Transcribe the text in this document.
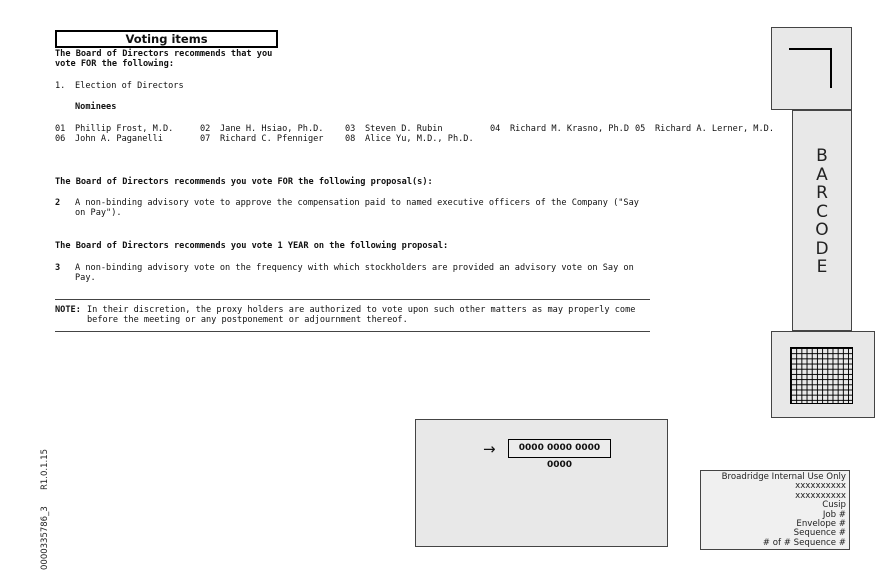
Voting items
The Board of Directors recommends that you
vote FOR the following:
1. Election of Directors
Nominees
01 Phillip Frost, M.D.	02 Jane H. Hsiao, Ph.D.	03 Steven D. Rubin	04 Richard M. Krasno, Ph.D 05 Richard A. Lerner, M.D.
06 John A. Paganelli	07 Richard C. Pfenniger	08 Alice Yu, M.D., Ph.D.
The Board of Directors recommends you vote FOR the following proposal(s):
2 A non-binding advisory vote to approve the compensation paid to named executive officers of the Company ("Say
on Pay").
The Board of Directors recommends you vote 1 YEAR on the following proposal:
3 A non-binding advisory vote on the frequency with which stockholders are provided an advisory vote on Say on
Pay.
NOTE: In their discretion, the proxy holders are authorized to vote upon such other matters as may properly come
before the meeting or any postponement or adjournment thereof.
B
A
R
C
O
D
E
0000335786_3      R1.0.1.15	→	0000 0000 0000 0000
Broadridge Internal Use Only
xxxxxxxxxx
xxxxxxxxxx
Cusip
Job #
Envelope #
Sequence #
# of # Sequence #
